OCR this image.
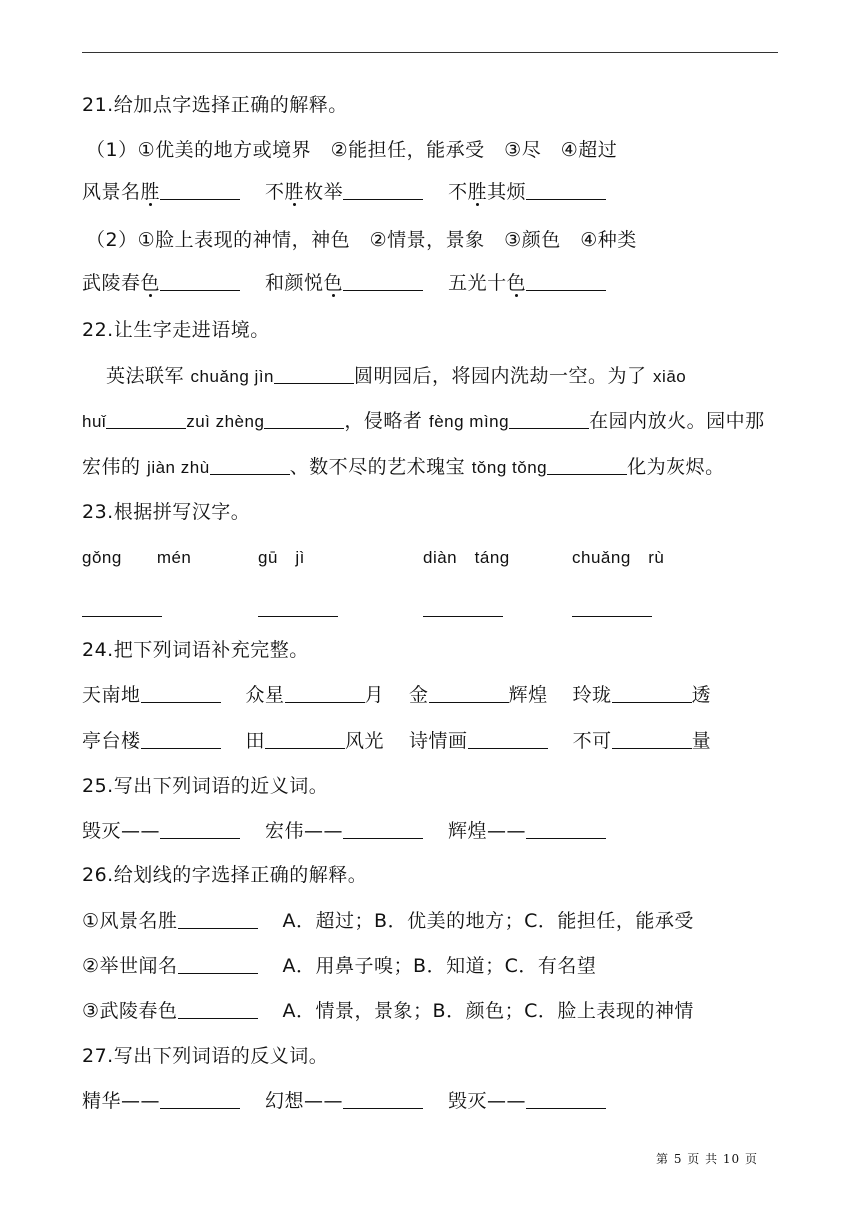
21.给加点字选择正确的解释。
（1）①优美的地方或境界　②能担任，能承受　③尽　④超过
风景名胜	不胜枚举	不胜其烦
（2）①脸上表现的神情，神色　②情景，景象　③颜色　④种类
武陵春色	和颜悦色	五光十色
22.让生字走进语境。
英法联军 chuǎng jìn	圆明园后，将园内洗劫一空。为了 xiāo
huǐ	zuì zhèng	，侵略者 fèng mìng	在园内放火。园中那
宏伟的 jiàn zhù	、数不尽的艺术瑰宝 tǒng tǒng	化为灰烬。
23.根据拼写汉字。
gǒng　　mén	gū　jì	diàn　táng	chuǎng　rù
24.把下列词语补充完整。
天南地	众星	月 金	辉煌 玲珑	透
亭台楼	田	风光 诗情画	不可	量
25.写出下列词语的近义词。
毁灭——	宏伟——	辉煌——
26.给划线的字选择正确的解释。
①风景名胜	A．超过；B．优美的地方；C．能担任，能承受
②举世闻名	A．用鼻子嗅；B．知道；C．有名望
③武陵春色	A．情景，景象；B．颜色；C．脸上表现的神情
27.写出下列词语的反义词。
精华——	幻想——	毁灭——
第 5 页 共 10 页
